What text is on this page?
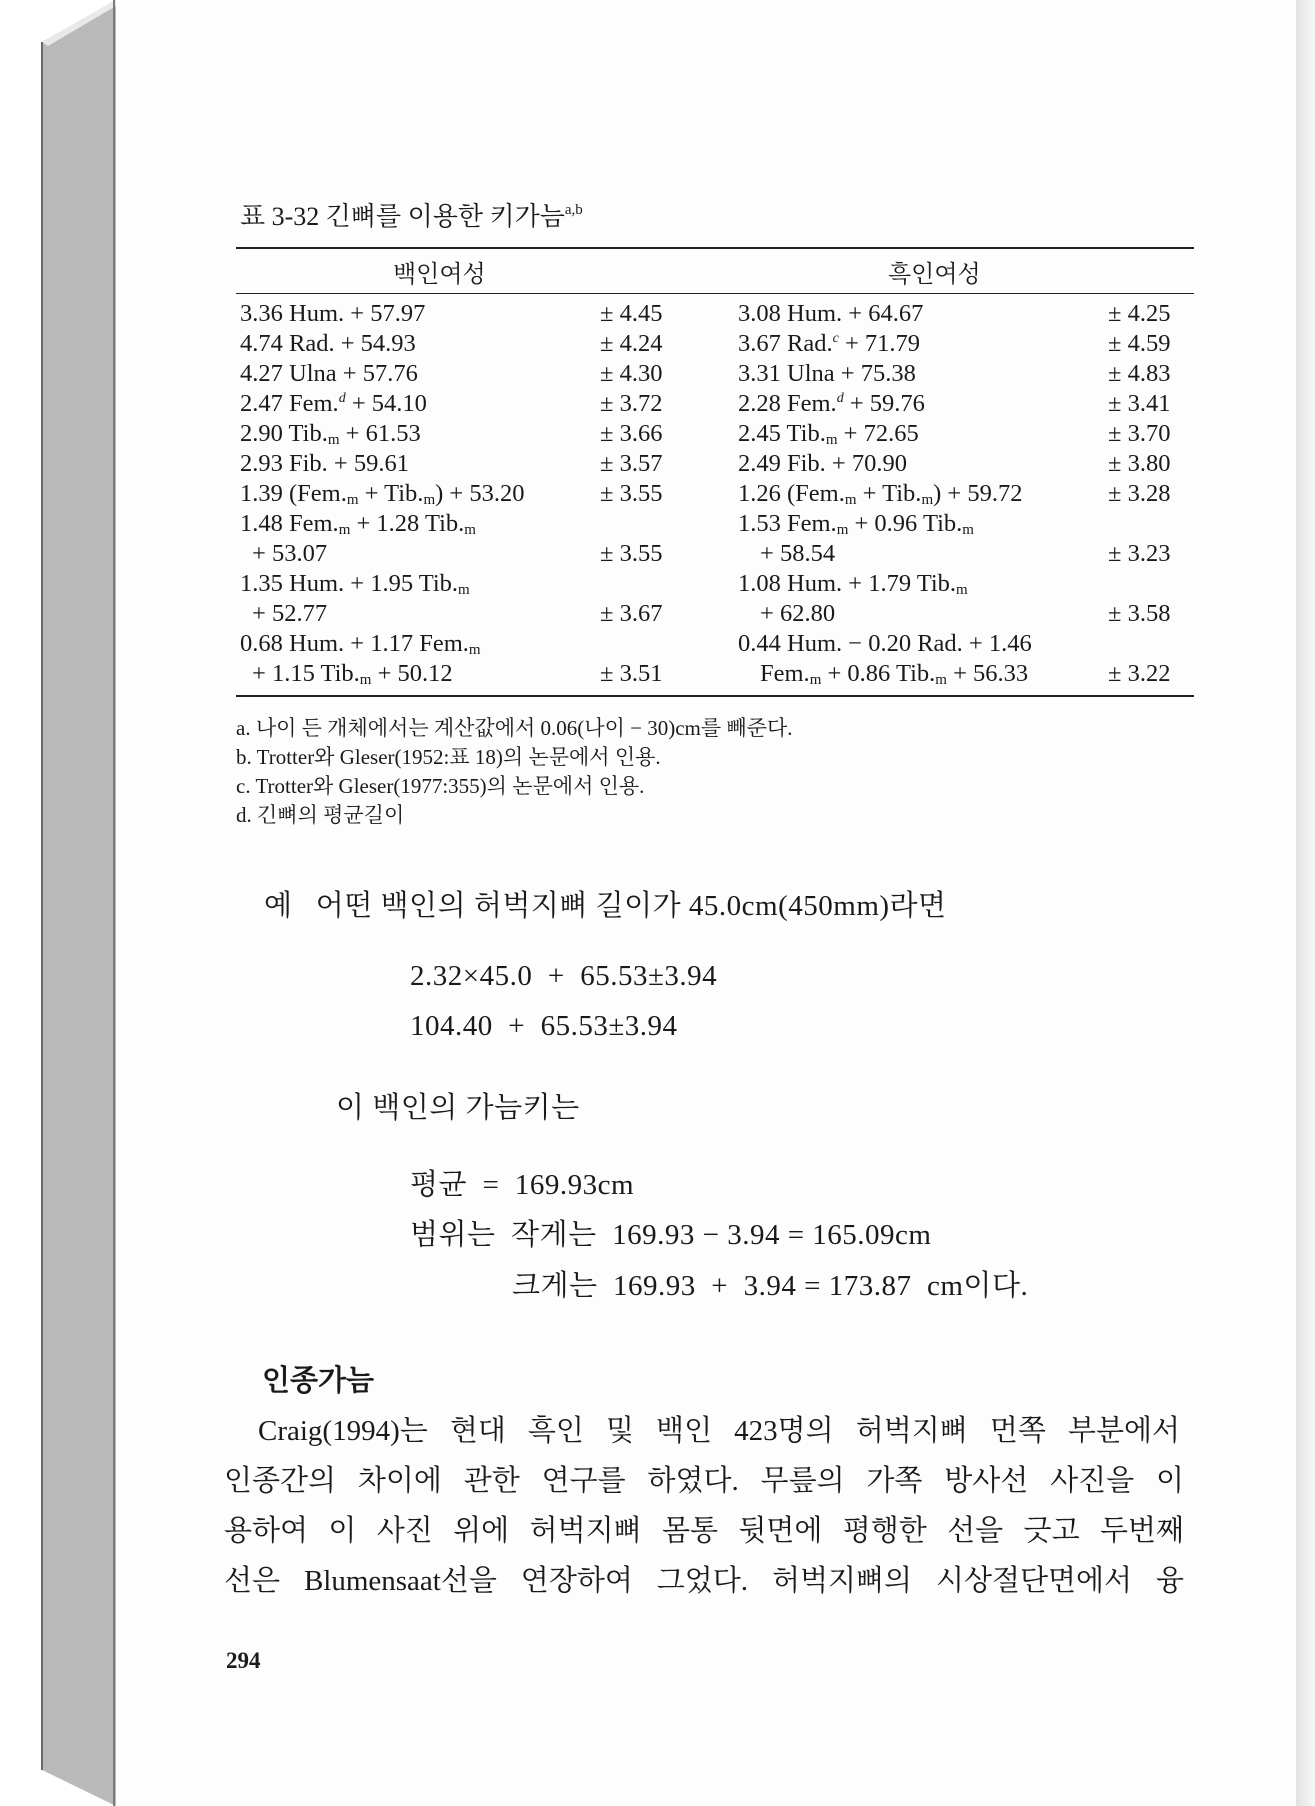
표 3-32 긴뼈를 이용한 키가늠$^{a,b}$
백인여성	흑인여성
3.36 Hum. + 57.97	± 4.45	3.08 Hum. + 64.67	± 4.25
4.74 Rad. + 54.93	± 4.24	3.67 Rad.$^c$ + 71.79	± 4.59
4.27 Ulna + 57.76	± 4.30	3.31 Ulna + 75.38	± 4.83
2.47 Fem.$^d$ + 54.10	± 3.72	2.28 Fem.$^d$ + 59.76	± 3.41
2.90 $Tib._m + 61.53$	± 3.66	2.45 $Tib._m + 72.65$	± 3.70
2.93 Fib. + 59.61	± 3.57	2.49 Fib. + 70.90	± 3.80
1.39 $(Fem._m + Tib._m) + 53.20$	± 3.55	1.26 $(Fem._m + Tib._m) + 59.72$	± 3.28
1.48 $Fem._m + 1.28$ $Tib._m$	1.53 $Fem._m + 0.96$ $Tib._m$
+ 53.07	± 3.55	+ 58.54	± 3.23
1.35 Hum. + 1.95 $Tib._m$	1.08 Hum. + 1.79 $Tib._m$
+ 52.77	± 3.67	+ 62.80	± 3.58
0.68 Hum. + 1.17 $Fem._m$	0.44 Hum. − 0.20 Rad. + 1.46
+ 1.15 $Tib._m + 50.12$	± 3.51	$Fem._m + 0.86$ $Tib._m + 56.33$	± 3.22
a. 나이 든 개체에서는 계산값에서 0.06(나이 − 30)cm를 빼준다.
b. Trotter와 Gleser(1952:표 18)의 논문에서 인용.
c. Trotter와 Gleser(1977:355)의 논문에서 인용.
d. 긴뼈의 평균길이
예   어떤 백인의 허벅지뼈 길이가 45.0cm(450mm)라면
2.32×45.0  +  65.53±3.94
104.40  +  65.53±3.94
이 백인의 가늠키는
평균  =  169.93cm
범위는  작게는  169.93 − 3.94 = 165.09cm
크게는  169.93  +  3.94 = 173.87  cm이다.
인종가늠
Craig(1994)는 현대 흑인 및 백인 423명의 허벅지뼈 먼쪽 부분에서
인종간의 차이에 관한 연구를 하였다. 무릎의 가쪽 방사선 사진을 이
용하여 이 사진 위에 허벅지뼈 몸통 뒷면에 평행한 선을 긋고 두번째
선은 Blumensaat선을 연장하여 그었다. 허벅지뼈의 시상절단면에서 융
294
